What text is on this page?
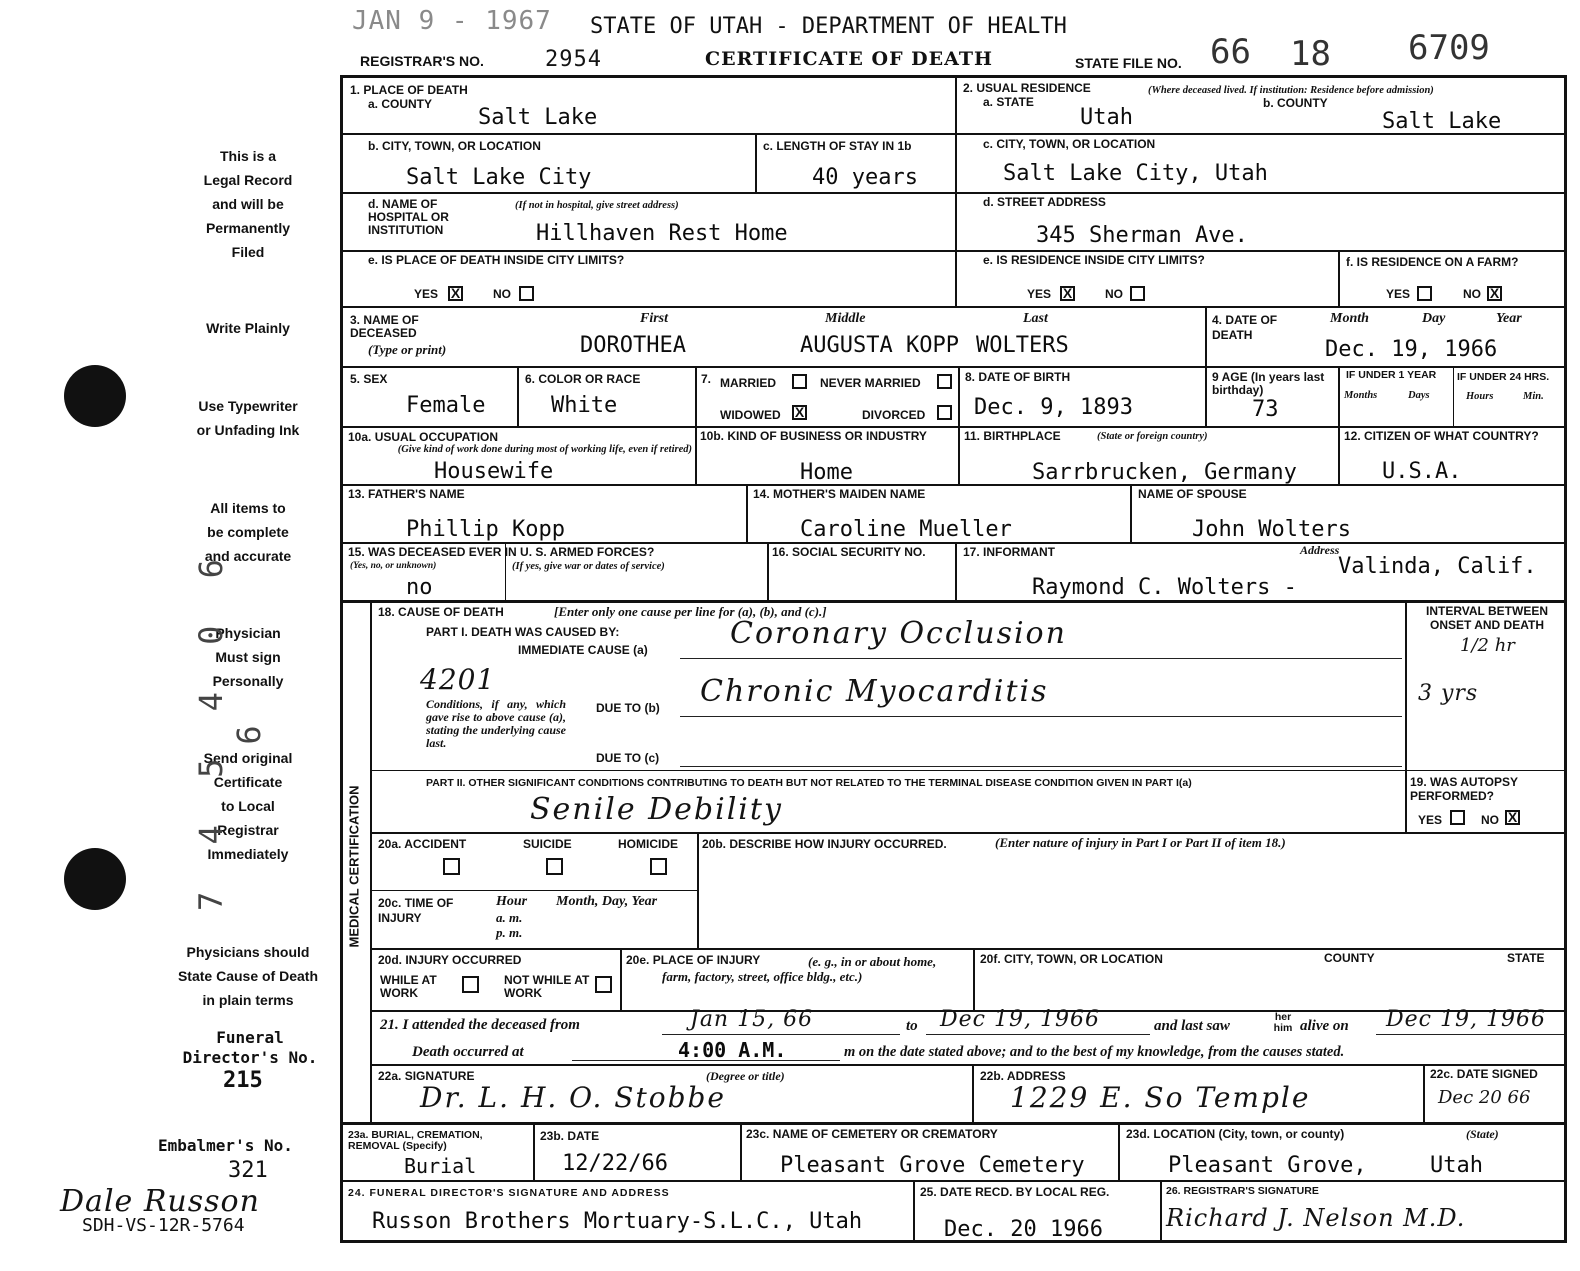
JAN 9 - 1967 STATE OF UTAH - DEPARTMENT OF HEALTH
REGISTRAR'S NO.	2954	CERTIFICATE OF DEATH	STATE FILE NO. 66 18 6709
This is a
Legal Record
and will be
Permanently
Filed
Write Plainly
Use Typewriter
or Unfading Ink
All items to
be complete
and accurate
Physician
Must sign
Personally
Send original
Certificate
to Local
Registrar
Immediately
Physicians should
State Cause of Death
in plain terms
Funeral
Director's No.
215
Embalmer's No.
321
7 4 5 4 0 6 6
Dale Russon
SDH-VS-12R-5764
1. PLACE OF DEATH
a. COUNTY
Salt Lake
2. USUAL RESIDENCE	(Where deceased lived. If institution: Residence before admission)
a. STATE	b. COUNTY
Utah	Salt Lake
b. CITY, TOWN, OR LOCATION
Salt Lake City
c. LENGTH OF STAY IN 1b
40 years
c. CITY, TOWN, OR LOCATION
Salt Lake City, Utah
d. NAME OF HOSPITAL OR INSTITUTION
(If not in hospital, give street address)
Hillhaven Rest Home
d. STREET ADDRESS
345 Sherman Ave.
e. IS PLACE OF DEATH INSIDE CITY LIMITS?
YES X	NO
e. IS RESIDENCE INSIDE CITY LIMITS?
YES X	NO
f. IS RESIDENCE ON A FARM?
YES	NO X
3. NAME OF DECEASED
(Type or print)
First	Middle	Last
DOROTHEA	AUGUSTA KOPP WOLTERS
4. DATE OF DEATH
Month	Day	Year
Dec. 19, 1966
5. SEX
Female
6. COLOR OR RACE
White
7. MARRIED	NEVER MARRIED
WIDOWED X	DIVORCED
8. DATE OF BIRTH
Dec. 9, 1893
9 AGE (In years last birthday)
73
IF UNDER 1 YEAR IF UNDER 24 HRS.
Months	Days	Hours	Min.
10a. USUAL OCCUPATION
(Give kind of work done during most of working life, even if retired)
Housewife
10b. KIND OF BUSINESS OR INDUSTRY
Home
11. BIRTHPLACE	(State or foreign country)
Sarrbrucken, Germany
12. CITIZEN OF WHAT COUNTRY?
U.S.A.
13. FATHER'S NAME
Phillip Kopp
14. MOTHER'S MAIDEN NAME
Caroline Mueller
NAME OF SPOUSE
John Wolters
15. WAS DECEASED EVER IN U. S. ARMED FORCES?
(Yes, no, or unknown)	(If yes, give war or dates of service)
no
16. SOCIAL SECURITY NO.	17. INFORMANT	Address
Valinda, Calif.
Raymond C. Wolters -
MEDICAL CERTIFICATION
18. CAUSE OF DEATH	[Enter only one cause per line for (a), (b), and (c).]
PART I. DEATH WAS CAUSED BY:
IMMEDIATE CAUSE (a)	Coronary Occlusion
4201
Conditions, if any, which gave rise to above cause (a), stating the underlying cause last.
DUE TO (b) Chronic Myocarditis
DUE TO (c)
INTERVAL BETWEEN ONSET AND DEATH
1/2 hr
3 yrs
PART II. OTHER SIGNIFICANT CONDITIONS CONTRIBUTING TO DEATH BUT NOT RELATED TO THE TERMINAL DISEASE CONDITION GIVEN IN PART I(a)
Senile Debility
19. WAS AUTOPSY PERFORMED?
YES	NO X
20a. ACCIDENT	SUICIDE	HOMICIDE 20b. DESCRIBE HOW INJURY OCCURRED.	(Enter nature of injury in Part I or Part II of item 18.)
20c. TIME OF INJURY
Hour
a. m.
p. m.
Month, Day, Year
20d. INJURY OCCURRED
WHILE AT WORK
NOT WHILE AT WORK
20e. PLACE OF INJURY	(e. g., in or about home, farm, factory, street, office bldg., etc.)
20f. CITY, TOWN, OR LOCATION	COUNTY	STATE
21. I attended the deceased from	Jan 15, 66	to Dec 19, 1966	and last saw
her him alive on Dec 19, 1966
Death occurred at	4:00 A.M.	m on the date stated above; and to the best of my knowledge, from the causes stated.
22a. SIGNATURE	(Degree or title)
Dr. L. H. O. Stobbe
22b. ADDRESS
1229 E. So Temple
22c. DATE SIGNED
Dec 20 66
23a. BURIAL, CREMATION, REMOVAL (Specify)
Burial
23b. DATE
12/22/66
23c. NAME OF CEMETERY OR CREMATORY
Pleasant Grove Cemetery
23d. LOCATION (City, town, or county)	(State)
Pleasant Grove,	Utah
24. FUNERAL DIRECTOR'S SIGNATURE AND ADDRESS
Russon Brothers Mortuary-S.L.C., Utah
25. DATE RECD. BY LOCAL REG.
Dec. 20 1966
26. REGISTRAR'S SIGNATURE
Richard J. Nelson M.D.
